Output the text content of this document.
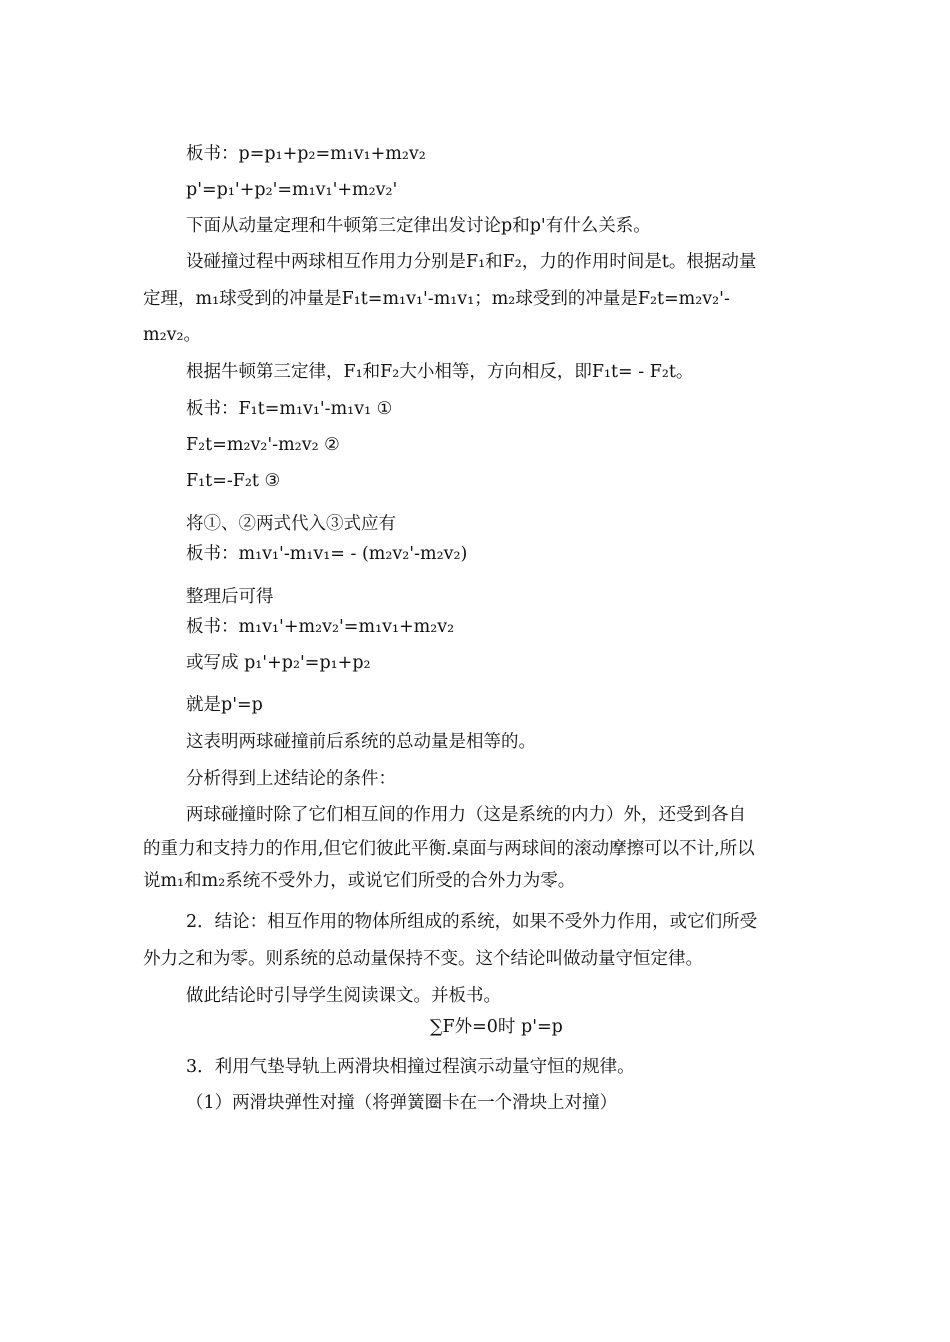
板书：p=p₁+p₂=m₁v₁+m₂v₂
p'=p₁'+p₂'=m₁v₁'+m₂v₂'
下面从动量定理和牛顿第三定律出发讨论p和p'有什么关系。
设碰撞过程中两球相互作用力分别是F₁和F₂，力的作用时间是t。根据动量
定理，m₁球受到的冲量是F₁t=m₁v₁'-m₁v₁；m₂球受到的冲量是F₂t=m₂v₂'-
m₂v₂。
根据牛顿第三定律，F₁和F₂大小相等，方向相反，即F₁t= - F₂t。
板书：F₁t=m₁v₁'-m₁v₁ ①
F₂t=m₂v₂'-m₂v₂ ②
F₁t=-F₂t ③
将①、②两式代入③式应有
板书：m₁v₁'-m₁v₁= - (m₂v₂'-m₂v₂)
整理后可得
板书：m₁v₁'+m₂v₂'=m₁v₁+m₂v₂
或写成 p₁'+p₂'=p₁+p₂
就是p'=p
这表明两球碰撞前后系统的总动量是相等的。
分析得到上述结论的条件：
两球碰撞时除了它们相互间的作用力（这是系统的内力）外，还受到各自
的重力和支持力的作用,但它们彼此平衡.桌面与两球间的滚动摩擦可以不计,所以
说m₁和m₂系统不受外力，或说它们所受的合外力为零。
2．结论：相互作用的物体所组成的系统，如果不受外力作用，或它们所受
外力之和为零。则系统的总动量保持不变。这个结论叫做动量守恒定律。
做此结论时引导学生阅读课文。并板书。
∑F外=0时 p'=p
3．利用气垫导轨上两滑块相撞过程演示动量守恒的规律。
（1）两滑块弹性对撞（将弹簧圈卡在一个滑块上对撞）
